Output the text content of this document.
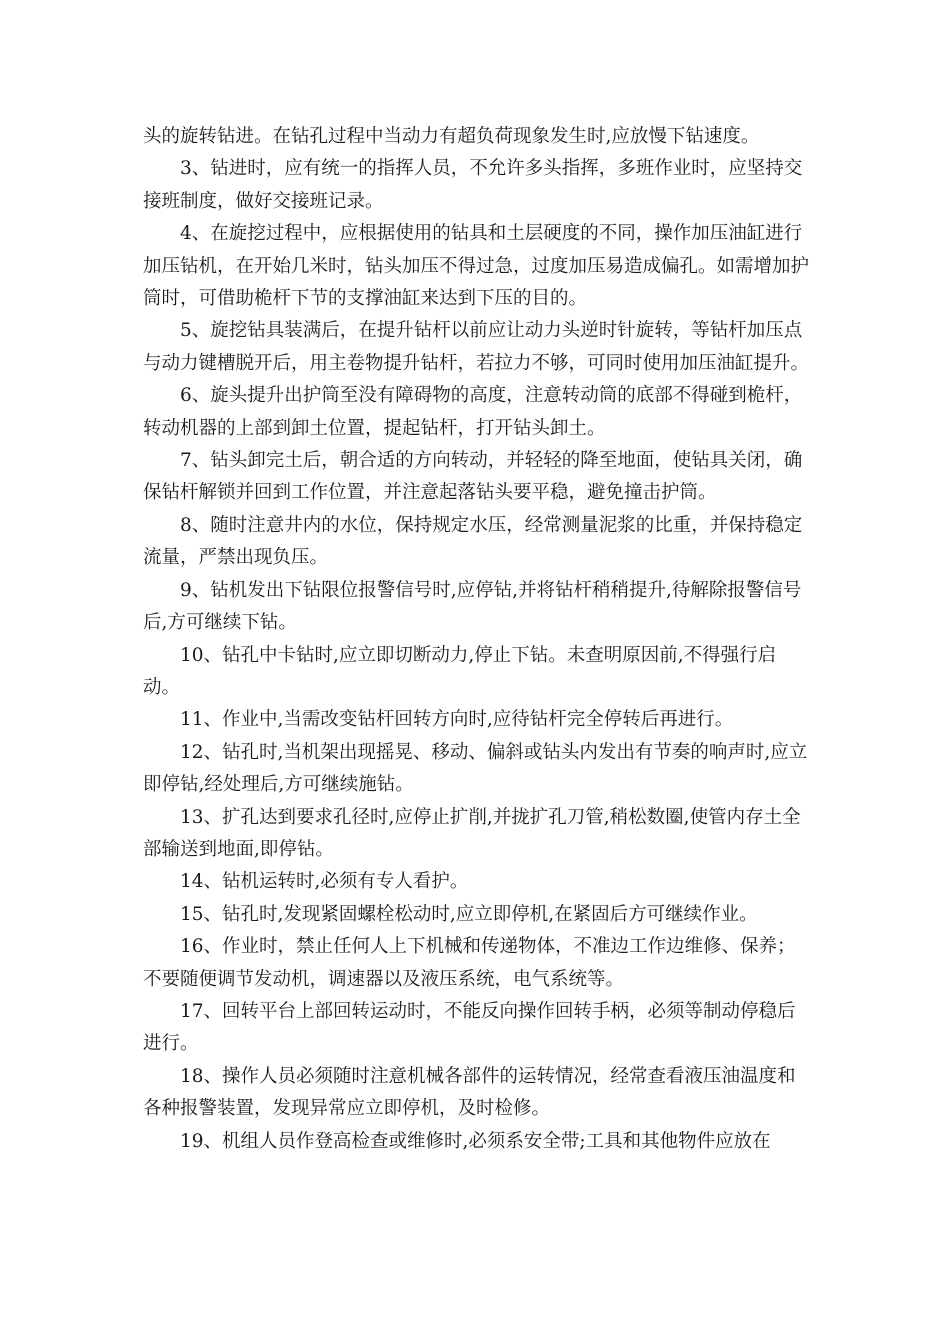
头的旋转钻进。在钻孔过程中当动力有超负荷现象发生时,应放慢下钻速度。

3、钻进时，应有统一的指挥人员，不允许多头指挥，多班作业时，应坚持交接班制度，做好交接班记录。

4、在旋挖过程中，应根据使用的钻具和土层硬度的不同，操作加压油缸进行加压钻机，在开始几米时，钻头加压不得过急，过度加压易造成偏孔。如需增加护筒时，可借助桅杆下节的支撑油缸来达到下压的目的。

5、旋挖钻具装满后，在提升钻杆以前应让动力头逆时针旋转，等钻杆加压点与动力键槽脱开后，用主卷物提升钻杆，若拉力不够，可同时使用加压油缸提升。

6、旋头提升出护筒至没有障碍物的高度，注意转动筒的底部不得碰到桅杆，转动机器的上部到卸土位置，提起钻杆，打开钻头卸土。

7、钻头卸完土后，朝合适的方向转动，并轻轻的降至地面，使钻具关闭，确保钻杆解锁并回到工作位置，并注意起落钻头要平稳，避免撞击护筒。

8、随时注意井内的水位，保持规定水压，经常测量泥浆的比重，并保持稳定流量，严禁出现负压。

9、钻机发出下钻限位报警信号时,应停钻,并将钻杆稍稍提升,待解除报警信号后,方可继续下钻。

10、钻孔中卡钻时,应立即切断动力,停止下钻。未查明原因前,不得强行启动。

11、作业中,当需改变钻杆回转方向时,应待钻杆完全停转后再进行。

12、钻孔时,当机架出现摇晃、移动、偏斜或钻头内发出有节奏的响声时,应立即停钻,经处理后,方可继续施钻。

13、扩孔达到要求孔径时,应停止扩削,并拢扩孔刀管,稍松数圈,使管内存土全部输送到地面,即停钻。

14、钻机运转时,必须有专人看护。

15、钻孔时,发现紧固螺栓松动时,应立即停机,在紧固后方可继续作业。

16、作业时，禁止任何人上下机械和传递物体，不准边工作边维修、保养；不要随便调节发动机，调速器以及液压系统，电气系统等。

17、回转平台上部回转运动时，不能反向操作回转手柄，必须等制动停稳后进行。

18、操作人员必须随时注意机械各部件的运转情况，经常查看液压油温度和各种报警装置，发现异常应立即停机，及时检修。

19、机组人员作登高检查或维修时,必须系安全带;工具和其他物件应放在
